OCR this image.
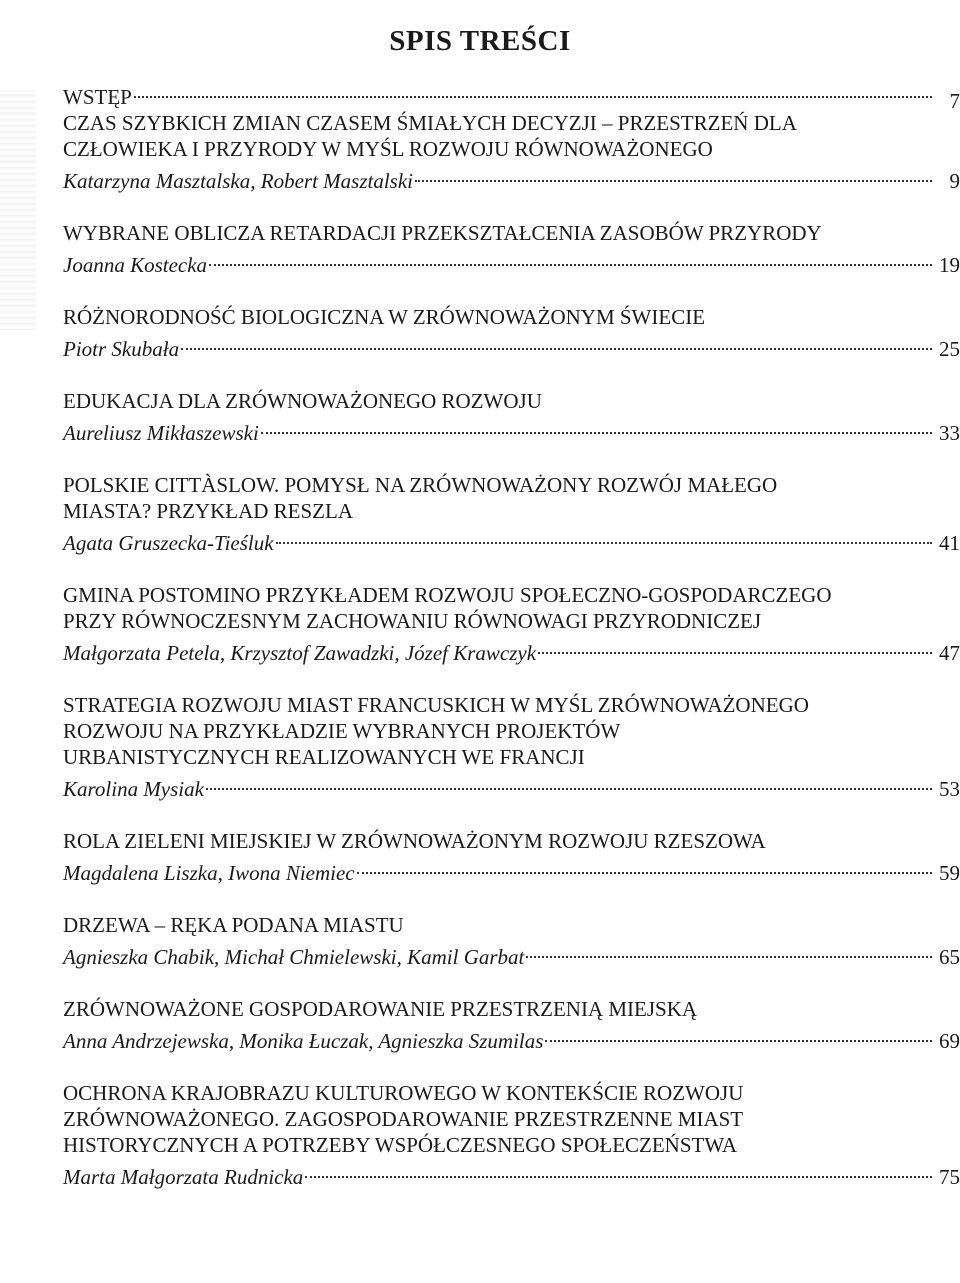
SPIS TREŚCI
WSTĘP	7
CZAS SZYBKICH ZMIAN CZASEM ŚMIAŁYCH DECYZJI – PRZESTRZEŃ DLA
CZŁOWIEKA I PRZYRODY W MYŚL ROZWOJU RÓWNOWAŻONEGO
Katarzyna Masztalska, Robert Masztalski	9
WYBRANE OBLICZA RETARDACJI PRZEKSZTAŁCENIA ZASOBÓW PRZYRODY
Joanna Kostecka	19
RÓŻNORODNOŚĆ BIOLOGICZNA W ZRÓWNOWAŻONYM ŚWIECIE
Piotr Skubała	25
EDUKACJA DLA ZRÓWNOWAŻONEGO ROZWOJU
Aureliusz Mikłaszewski	33
POLSKIE CITTÀSLOW. POMYSŁ NA ZRÓWNOWAŻONY ROZWÓJ MAŁEGO
MIASTA? PRZYKŁAD RESZLA
Agata Gruszecka-Tieśluk	41
GMINA POSTOMINO PRZYKŁADEM ROZWOJU SPOŁECZNO-GOSPODARCZEGO
PRZY RÓWNOCZESNYM ZACHOWANIU RÓWNOWAGI PRZYRODNICZEJ
Małgorzata Petela, Krzysztof Zawadzki, Józef Krawczyk	47
STRATEGIA ROZWOJU MIAST FRANCUSKICH W MYŚL ZRÓWNOWAŻONEGO
ROZWOJU NA PRZYKŁADZIE WYBRANYCH PROJEKTÓW
URBANISTYCZNYCH REALIZOWANYCH WE FRANCJI
Karolina Mysiak	53
ROLA ZIELENI MIEJSKIEJ W ZRÓWNOWAŻONYM ROZWOJU RZESZOWA
Magdalena Liszka, Iwona Niemiec	59
DRZEWA – RĘKA PODANA MIASTU
Agnieszka Chabik, Michał Chmielewski, Kamil Garbat	65
ZRÓWNOWAŻONE GOSPODAROWANIE PRZESTRZENIĄ MIEJSKĄ
Anna Andrzejewska, Monika Łuczak, Agnieszka Szumilas	69
OCHRONA KRAJOBRAZU KULTUROWEGO W KONTEKŚCIE ROZWOJU
ZRÓWNOWAŻONEGO. ZAGOSPODAROWANIE PRZESTRZENNE MIAST
HISTORYCZNYCH A POTRZEBY WSPÓŁCZESNEGO SPOŁECZEŃSTWA
Marta Małgorzata Rudnicka	75
